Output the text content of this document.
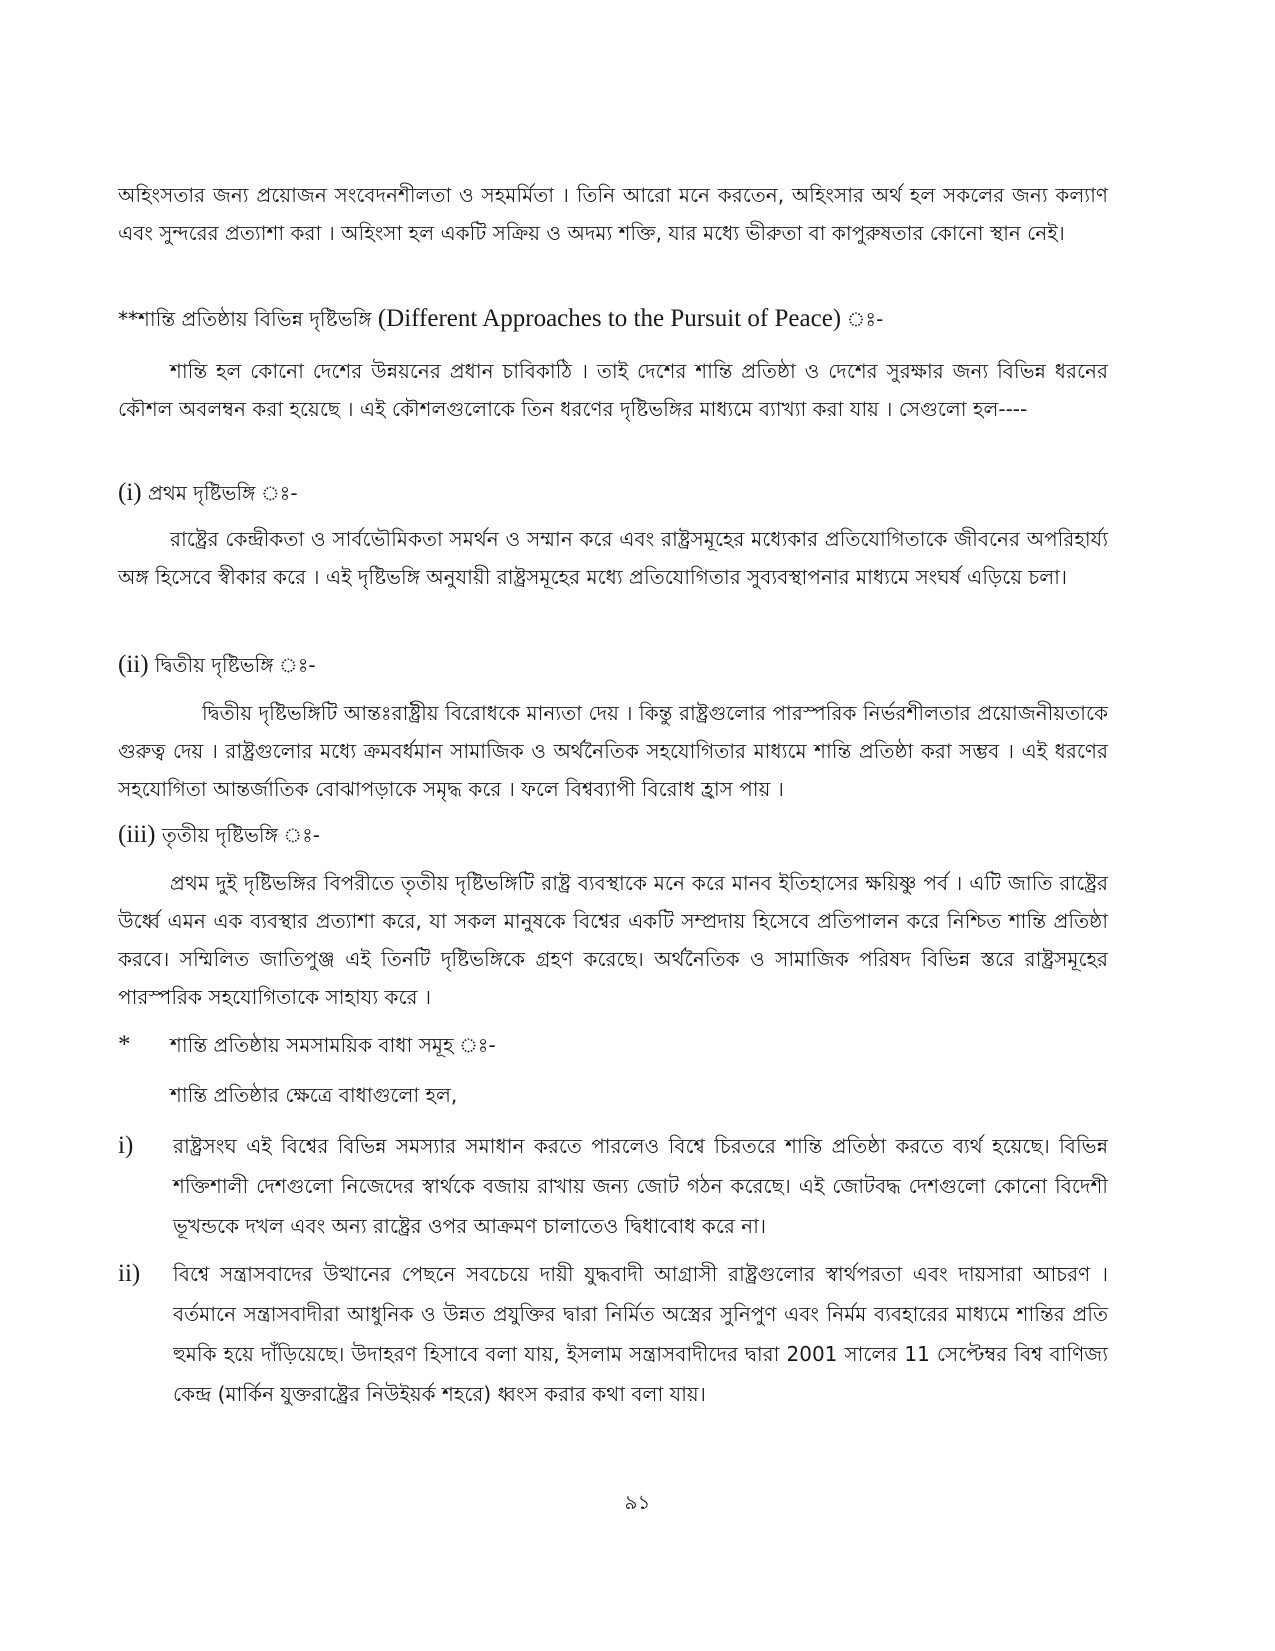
অহিংসতার জন্য প্রয়োজন সংবেদনশীলতা ও সহমর্মিতা । তিনি আরো মনে করতেন, অহিংসার অর্থ হল সকলের জন্য কল্যাণ এবং সুন্দরের প্রত্যাশা করা । অহিংসা হল একটি সক্রিয় ও অদম্য শক্তি, যার মধ্যে ভীরুতা বা কাপুরুষতার কোনো স্থান নেই।

**শান্তি প্রতিষ্ঠায় বিভিন্ন দৃষ্টিভঙ্গি (Different Approaches to the Pursuit of Peace) ঃ-

শান্তি হল কোনো দেশের উন্নয়নের প্রধান চাবিকাঠি । তাই দেশের শান্তি প্রতিষ্ঠা ও দেশের সুরক্ষার জন্য বিভিন্ন ধরনের কৌশল অবলম্বন করা হয়েছে । এই কৌশলগুলোকে তিন ধরণের দৃষ্টিভঙ্গির মাধ্যমে ব্যাখ্যা করা যায় । সেগুলো হল----

(i) প্রথম দৃষ্টিভঙ্গি ঃ-

রাষ্ট্রের কেন্দ্রীকতা ও সার্বভৌমিকতা সমর্থন ও সম্মান করে এবং রাষ্ট্রসমূহের মধ্যেকার প্রতিযোগিতাকে জীবনের অপরিহার্য্য অঙ্গ হিসেবে স্বীকার করে । এই দৃষ্টিভঙ্গি অনুযায়ী রাষ্ট্রসমূহের মধ্যে প্রতিযোগিতার সুব্যবস্থাপনার মাধ্যমে সংঘর্ষ এড়িয়ে চলা।

(ii) দ্বিতীয় দৃষ্টিভঙ্গি ঃ-

দ্বিতীয় দৃষ্টিভঙ্গিটি আন্তঃরাষ্ট্রীয় বিরোধকে মান্যতা দেয় । কিন্তু রাষ্ট্রগুলোর পারস্পরিক নির্ভরশীলতার প্রয়োজনীয়তাকে গুরুত্ব দেয় । রাষ্ট্রগুলোর মধ্যে ক্রমবর্ধমান সামাজিক ও অর্থনৈতিক সহযোগিতার মাধ্যমে শান্তি প্রতিষ্ঠা করা সম্ভব । এই ধরণের সহযোগিতা আন্তর্জাতিক বোঝাপড়াকে সমৃদ্ধ করে । ফলে বিশ্বব্যাপী বিরোধ হ্রাস পায় ।

(iii) তৃতীয় দৃষ্টিভঙ্গি ঃ-

প্রথম দুই দৃষ্টিভঙ্গির বিপরীতে তৃতীয় দৃষ্টিভঙ্গিটি রাষ্ট্র ব্যবস্থাকে মনে করে মানব ইতিহাসের ক্ষয়িষ্ণু পর্ব । এটি জাতি রাষ্ট্রের উর্ধ্বে এমন এক ব্যবস্থার প্রত্যাশা করে, যা সকল মানুষকে বিশ্বের একটি সম্প্রদায় হিসেবে প্রতিপালন করে নিশ্চিত শান্তি প্রতিষ্ঠা করবে। সম্মিলিত জাতিপুঞ্জ এই তিনটি দৃষ্টিভঙ্গিকে গ্রহণ করেছে। অর্থনৈতিক ও সামাজিক পরিষদ বিভিন্ন স্তরে রাষ্ট্রসমূহের পারস্পরিক সহযোগিতাকে সাহায্য করে ।

* শান্তি প্রতিষ্ঠায় সমসাময়িক বাধা সমূহ ঃ-

শান্তি প্রতিষ্ঠার ক্ষেত্রে বাধাগুলো হল,

i) রাষ্ট্রসংঘ এই বিশ্বের বিভিন্ন সমস্যার সমাধান করতে পারলেও বিশ্বে চিরতরে শান্তি প্রতিষ্ঠা করতে ব্যর্থ হয়েছে। বিভিন্ন শক্তিশালী দেশগুলো নিজেদের স্বার্থকে বজায় রাখায় জন্য জোট গঠন করেছে। এই জোটবদ্ধ দেশগুলো কোনো বিদেশী ভূখন্ডকে দখল এবং অন্য রাষ্ট্রের ওপর আক্রমণ চালাতেও দ্বিধাবোধ করে না।
ii) বিশ্বে সন্ত্রাসবাদের উত্থানের পেছনে সবচেয়ে দায়ী যুদ্ধবাদী আগ্রাসী রাষ্ট্রগুলোর স্বার্থপরতা এবং দায়সারা আচরণ । বর্তমানে সন্ত্রাসবাদীরা আধুনিক ও উন্নত প্রযুক্তির দ্বারা নির্মিত অস্ত্রের সুনিপুণ এবং নির্মম ব্যবহারের মাধ্যমে শান্তির প্রতি হুমকি হয়ে দাঁড়িয়েছে। উদাহরণ হিসাবে বলা যায়, ইসলাম সন্ত্রাসবাদীদের দ্বারা 2001 সালের 11 সেপ্টেম্বর বিশ্ব বাণিজ্য কেন্দ্র (মার্কিন যুক্তরাষ্ট্রের নিউইয়র্ক শহরে) ধ্বংস করার কথা বলা যায়।
৯১
